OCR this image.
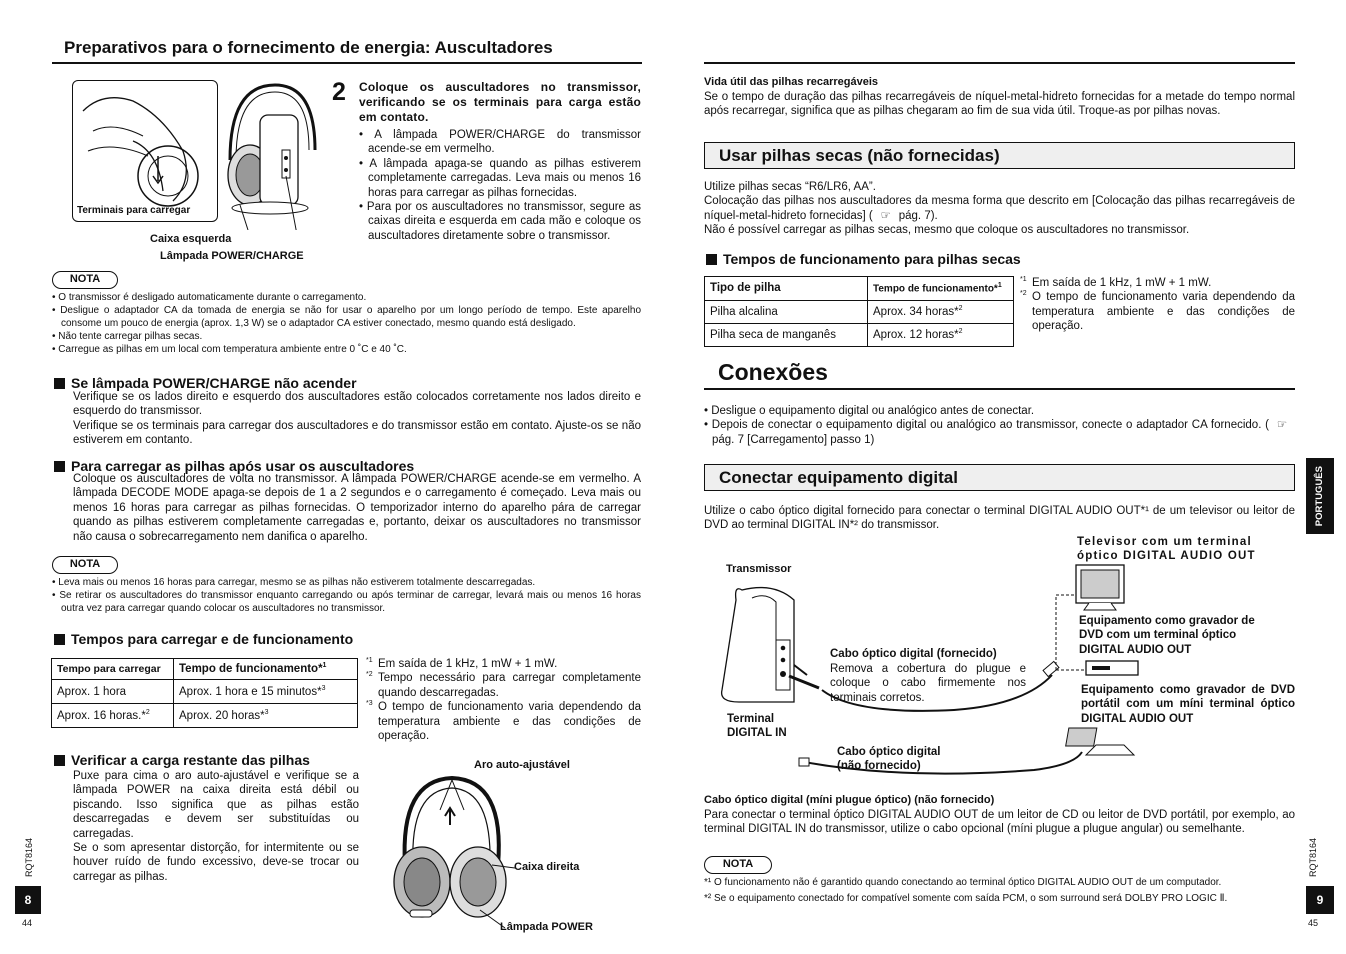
Preparativos para o fornecimento de energia: Auscultadores
Terminais para carregar
Caixa esquerda
Lâmpada POWER/CHARGE
2 Coloque os auscultadores no transmissor, verificando se os terminais para carga estão em contato.
• A lâmpada POWER/CHARGE do transmissor acende-se em vermelho.
• A lâmpada apaga-se quando as pilhas estiverem completamente carregadas. Leva mais ou menos 16 horas para carregar as pilhas fornecidas.
• Para por os auscultadores no transmissor, segure as caixas direita e esquerda em cada mão e coloque os auscultadores diretamente sobre o transmissor.
NOTA
• O transmissor é desligado automaticamente durante o carregamento.
• Desligue o adaptador CA da tomada de energia se não for usar o aparelho por um longo período de tempo. Este aparelho consome um pouco de energia (aprox. 1,3 W) se o adaptador CA estiver conectado, mesmo quando está desligado.
• Não tente carregar pilhas secas.
• Carregue as pilhas em um local com temperatura ambiente entre 0 ˚C e 40 ˚C.
Se lâmpada POWER/CHARGE não acender
Verifique se os lados direito e esquerdo dos auscultadores estão colocados corretamente nos lados direito e esquerdo do transmissor.
Verifique se os terminais para carregar dos auscultadores e do transmissor estão em contato. Ajuste-os se não estiverem em contanto.
Para carregar as pilhas após usar os auscultadores
Coloque os auscultadores de volta no transmissor. A lâmpada POWER/CHARGE acende-se em vermelho. A lâmpada DECODE MODE apaga-se depois de 1 a 2 segundos e o carregamento é começado. Leva mais ou menos 16 horas para carregar as pilhas fornecidas. O temporizador interno do aparelho pára de carregar quando as pilhas estiverem completamente carregadas e, portanto, deixar os auscultadores no transmissor não causa o sobrecarregamento nem danifica o aparelho.
NOTA
• Leva mais ou menos 16 horas para carregar, mesmo se as pilhas não estiverem totalmente descarregadas.
• Se retirar os auscultadores do transmissor enquanto carregando ou após terminar de carregar, levará mais ou menos 16 horas outra vez para carregar quando colocar os auscultadores no transmissor.
Tempos para carregar e de funcionamento
Tempo para carregar	Tempo de funcionamento*$^1$
Aprox. 1 hora	Aprox. 1 hora e 15 minutos*$^3$
Aprox. 16 horas.*$^2$	Aprox. 20 horas*$^3$
*1 Em saída de 1 kHz, 1 mW + 1 mW.
*2 Tempo necessário para carregar completamente quando descarregadas.
*3 O tempo de funcionamento varia dependendo da temperatura ambiente e das condições de operação.
Verificar a carga restante das pilhas
Puxe para cima o aro auto-ajustável e verifique se a lâmpada POWER na caixa direita está débil ou piscando. Isso significa que as pilhas estão descarregadas e devem ser substituídas ou carregadas.
Se o som apresentar distorção, for intermitente ou se houver ruído de fundo excessivo, deve-se trocar ou carregar as pilhas.
Aro auto-ajustável
Caixa direita
Lâmpada POWER
RQT8164
8
44
Vida útil das pilhas recarregáveis
Se o tempo de duração das pilhas recarregáveis de níquel-metal-hidreto fornecidas for a metade do tempo normal após recarregar, significa que as pilhas chegaram ao fim de sua vida útil. Troque-as por pilhas novas.
Usar pilhas secas (não fornecidas)
Utilize pilhas secas “R6/LR6, AA”.
Colocação das pilhas nos auscultadores da mesma forma que descrito em [Colocação das pilhas recarregáveis de níquel-metal-hidreto fornecidas] ( ☞ pág. 7).
Não é possível carregar as pilhas secas, mesmo que coloque os auscultadores no transmissor.
Tempos de funcionamento para pilhas secas
Tipo de pilha	Tempo de funcionamento*$^1$
Pilha alcalina	Aprox. 34 horas*$^2$
Pilha seca de manganês	Aprox. 12 horas*$^2$
*1 Em saída de 1 kHz, 1 mW + 1 mW.
*2 O tempo de funcionamento varia dependendo da temperatura ambiente e das condições de operação.
Conexões
• Desligue o equipamento digital ou analógico antes de conectar.
• Depois de conectar o equipamento digital ou analógico ao transmissor, conecte o adaptador CA fornecido. ( ☞pág. 7 [Carregamento] passo 1)
Conectar equipamento digital
Utilize o cabo óptico digital fornecido para conectar o terminal DIGITAL AUDIO OUT*¹ de um televisor ou leitor de DVD ao terminal DIGITAL IN*² do transmissor.
Transmissor
Televisor com um terminal óptico DIGITAL AUDIO OUT
Equipamento como gravador de DVD com um terminal óptico DIGITAL AUDIO OUT
Equipamento como gravador de DVD portátil com um míni terminal óptico DIGITAL AUDIO OUT
Cabo óptico digital (fornecido)
Remova a cobertura do plugue e coloque o cabo firmemente nos terminais corretos.
Terminal DIGITAL IN
Cabo óptico digital (não fornecido)
Cabo óptico digital (míni plugue óptico) (não fornecido)
Para conectar o terminal óptico DIGITAL AUDIO OUT de um leitor de CD ou leitor de DVD portátil, por exemplo, ao terminal DIGITAL IN do transmissor, utilize o cabo opcional (míni plugue a plugue angular) ou semelhante.
NOTA
*¹ O funcionamento não é garantido quando conectando ao terminal óptico DIGITAL AUDIO OUT de um computador.
*² Se o equipamento conectado for compatível somente com saída PCM, o som surround será DOLBY PRO LOGIC Ⅱ.
PORTUGUÊS
RQT8164
9
45
